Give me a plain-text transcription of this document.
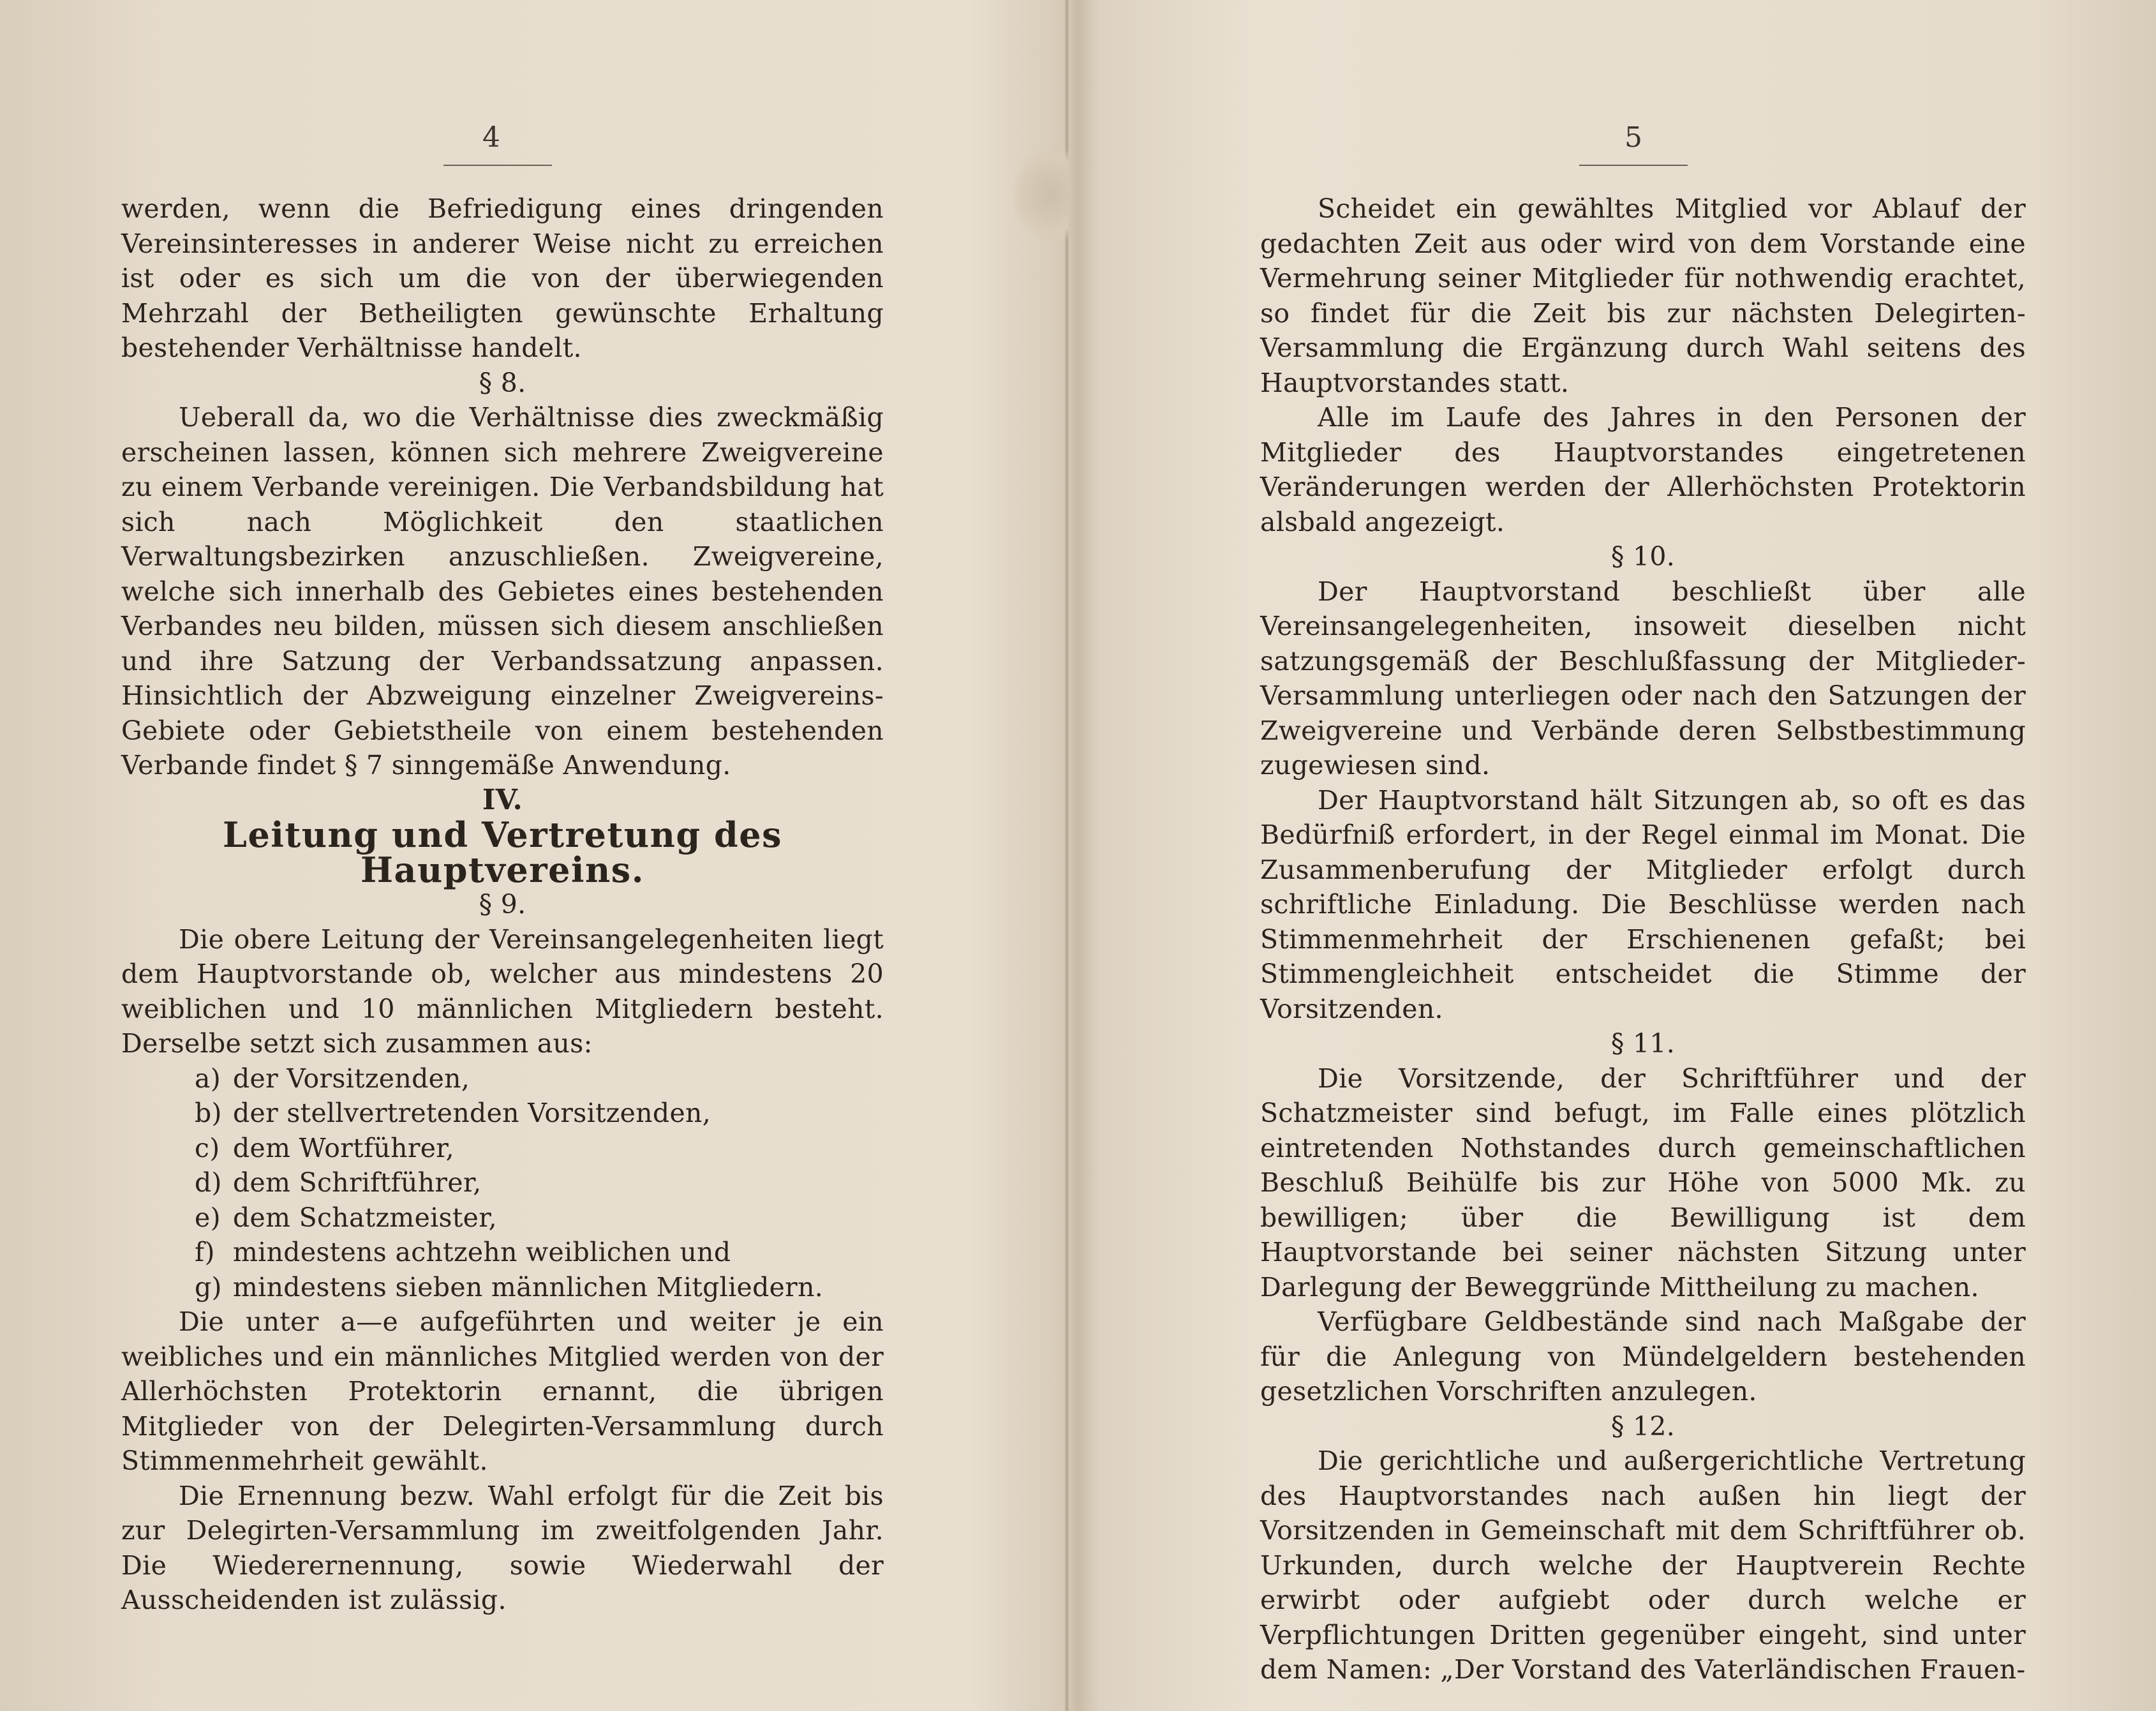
4

werden, wenn die Befriedigung eines dringenden Vereinsinteresses in anderer Weise nicht zu erreichen ist oder es sich um die von der überwiegenden Mehrzahl der Betheiligten gewünschte Erhaltung bestehender Verhältnisse handelt.

§ 8.

Ueberall da, wo die Verhältnisse dies zweckmäßig erscheinen lassen, können sich mehrere Zweigvereine zu einem Verbande vereinigen. Die Verbandsbildung hat sich nach Möglichkeit den staatlichen Verwaltungsbezirken anzuschließen. Zweigvereine, welche sich innerhalb des Gebietes eines bestehenden Verbandes neu bilden, müssen sich diesem anschließen und ihre Satzung der Verbandssatzung anpassen. Hinsichtlich der Abzweigung einzelner Zweigvereins-Gebiete oder Gebietstheile von einem bestehenden Verbande findet § 7 sinngemäße Anwendung.

IV.

Leitung und Vertretung des Hauptvereins.

§ 9.

Die obere Leitung der Vereinsangelegenheiten liegt dem Hauptvorstande ob, welcher aus mindestens 20 weiblichen und 10 männlichen Mitgliedern besteht. Derselbe setzt sich zusammen aus:

a) der Vorsitzenden,
b) der stellvertretenden Vorsitzenden,
c) dem Wortführer,
d) dem Schriftführer,
e) dem Schatzmeister,
f) mindestens achtzehn weiblichen und
g) mindestens sieben männlichen Mitgliedern.

Die unter a—e aufgeführten und weiter je ein weibliches und ein männliches Mitglied werden von der Allerhöchsten Protektorin ernannt, die übrigen Mitglieder von der Delegirten-Versammlung durch Stimmenmehrheit gewählt.

Die Ernennung bezw. Wahl erfolgt für die Zeit bis zur Delegirten-Versammlung im zweitfolgenden Jahr. Die Wiederernennung, sowie Wiederwahl der Ausscheidenden ist zulässig.

5

Scheidet ein gewähltes Mitglied vor Ablauf der gedachten Zeit aus oder wird von dem Vorstande eine Vermehrung seiner Mitglieder für nothwendig erachtet, so findet für die Zeit bis zur nächsten Delegirten-Versammlung die Ergänzung durch Wahl seitens des Hauptvorstandes statt.

Alle im Laufe des Jahres in den Personen der Mitglieder des Hauptvorstandes eingetretenen Veränderungen werden der Allerhöchsten Protektorin alsbald angezeigt.

§ 10.

Der Hauptvorstand beschließt über alle Vereinsangelegenheiten, insoweit dieselben nicht satzungsgemäß der Beschlußfassung der Mitglieder-Versammlung unterliegen oder nach den Satzungen der Zweigvereine und Verbände deren Selbstbestimmung zugewiesen sind.

Der Hauptvorstand hält Sitzungen ab, so oft es das Bedürfniß erfordert, in der Regel einmal im Monat. Die Zusammenberufung der Mitglieder erfolgt durch schriftliche Einladung. Die Beschlüsse werden nach Stimmenmehrheit der Erschienenen gefaßt; bei Stimmengleichheit entscheidet die Stimme der Vorsitzenden.

§ 11.

Die Vorsitzende, der Schriftführer und der Schatzmeister sind befugt, im Falle eines plötzlich eintretenden Nothstandes durch gemeinschaftlichen Beschluß Beihülfe bis zur Höhe von 5000 Mk. zu bewilligen; über die Bewilligung ist dem Hauptvorstande bei seiner nächsten Sitzung unter Darlegung der Beweggründe Mittheilung zu machen.

Verfügbare Geldbestände sind nach Maßgabe der für die Anlegung von Mündelgeldern bestehenden gesetzlichen Vorschriften anzulegen.

§ 12.

Die gerichtliche und außergerichtliche Vertretung des Hauptvorstandes nach außen hin liegt der Vorsitzenden in Gemeinschaft mit dem Schriftführer ob. Urkunden, durch welche der Hauptverein Rechte erwirbt oder aufgiebt oder durch welche er Verpflichtungen Dritten gegenüber eingeht, sind unter dem Namen: „Der Vorstand des Vaterländischen Frauen-
